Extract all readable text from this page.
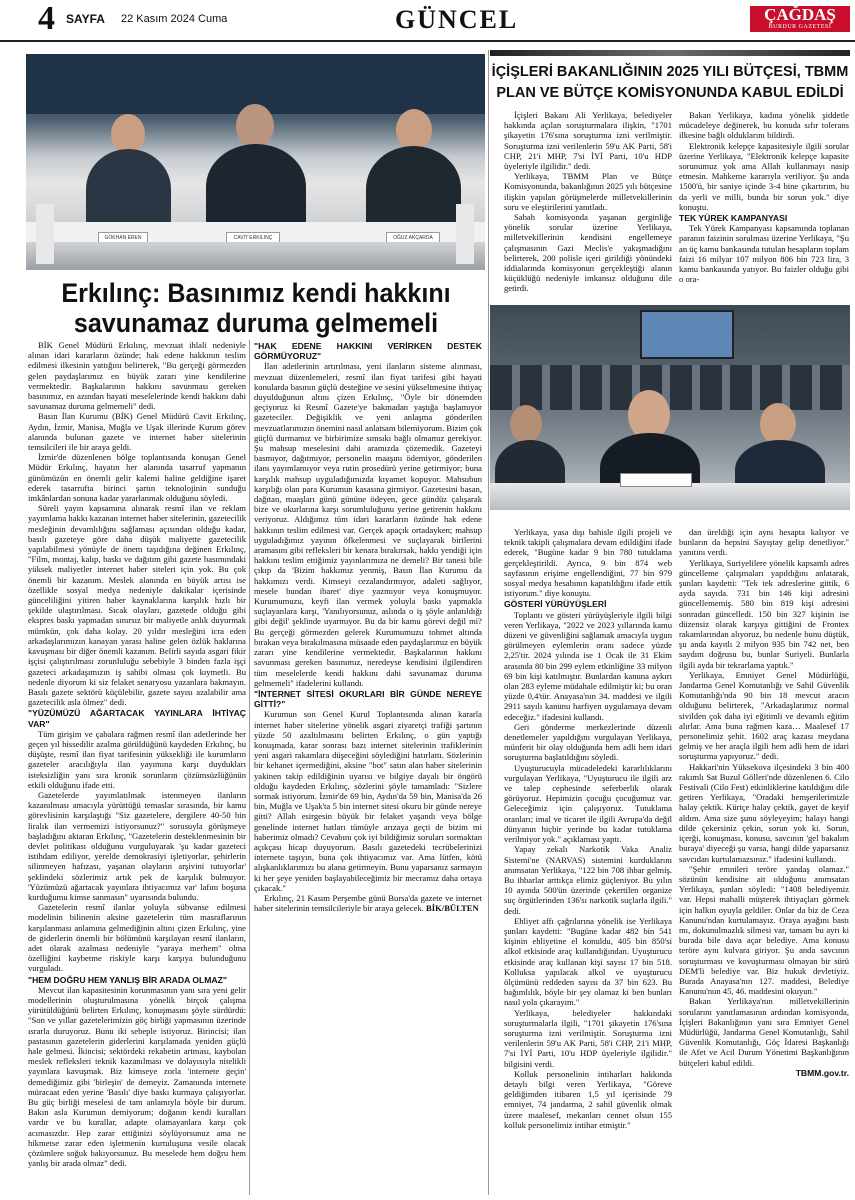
4 SAYFA 22 Kasım 2024 Cuma	GÜNCEL	ÇAĞDAŞ
BURDUR GAZETESİ
GÖKHAN EREN	CAVİT ERKILINÇ	OĞUZ AKÇARDA
Erkılınç: Basınımız kendi hakkını savunamaz duruma gelmemeli

BİK Genel Müdürü Erkılınç, mevzuat ihlali nedeniyle alınan idari kararların özünde; hak edene hakkının teslim edilmesi ilkesinin yattığını belirterek, "Bu gerçeği görmezden gelen paydaşlarımız en büyük zararı yine kendilerine vermektedir. Başkalarının hakkını savunması gereken basınımız, en azından hayati meselelerinde kendi hakkını dahi savunamaz duruma gelmemeli" dedi.

Basın İlan Kurumu (BİK) Genel Müdürü Cavit Erkılınç, Aydın, İzmir, Manisa, Muğla ve Uşak illerinde Kurum görev alanında bulunan gazete ve internet haber sitelerinin temsilcileri ile bir araya geldi.

İzmir'de düzenlenen bölge toplantısında konuşan Genel Müdür Erkılınç, hayatın her alanında tasarruf yapmanın günümüzün en önemli gelir kalemi haline geldiğine işaret ederek tasarrufta birinci şartın teknolojinin sunduğu imkânlardan sonuna kadar yararlanmak olduğunu söyledi.

Süreli yayın kapsamına alınarak resmî ilan ve reklam yayımlama hakkı kazanan internet haber sitelerinin, gazetecilik mesleğinin devamlılığını sağlaması açısından olduğu kadar, basılı gazeteye göre daha düşük maliyette gazetecilik yapılabilmesi yönüyle de önem taşıdığına değinen Erkılınç, "Film, montaj, kalıp, baskı ve dağıtım gibi gazete basımındaki yüksek maliyetler internet haber siteleri için yok. Bu çok önemli bir kazanım. Meslek alanında en büyük artısı ise özellikle sosyal medya nedeniyle dakikalar içerisinde günceliliğini yitiren haber kaynaklarına karşılık hızlı bir şekilde ulaştırılması. Sıcak olayları, gazetede olduğu gibi ekspres baskı yapmadan sınırsız bir maliyetle anlık duyurmak mümkün, çok daha kolay. 20 yıldır mesleğini icra eden arkadaşlarımızın kanayan yarası haline gelen özlük haklarına kavuşması bir diğer önemli kazanım. Belirli sayıda asgari fikir işçisi çalıştırılması zorunluluğu sebebiyle 3 binden fazla işçi gazeteci arkadaşımızın iş sahibi olması çok kıymetli. Bu nedenle diyorum ki siz felaket senaryosu yazanlara bakmayın. Basılı gazete sektörü küçülebilir, gazete sayısı azalabilir ama gazetecilik asla ölmez" dedi.

"YÜZÜMÜZÜ AĞARTACAK YAYINLARA İHTİYAÇ VAR"

Tüm girişim ve çabalara rağmen resmî ilan adetlerinde her geçen yıl hissedilir azalma görüldüğünü kaydeden Erkılınç, bu düşüşte, resmî ilan fiyat tarifesinin yüksekliği ile kurumların gazeteler aracılığıyla ilan yayımına karşı duydukları isteksizliğin yanı sıra kronik sorunların çözümsüzlüğünün etkili olduğunu ifade etti.

Gazetelerde yayımlatılmak istenmeyen ilanların kazanılması amacıyla yürüttüğü temaslar sırasında, bir kamu görevlisinin karşılaştığı "Siz gazetelere, dergilere 40-50 bin liralık ilan vermemizi istiyorsunuz?" sorusuyla görüşmeye başladığını aktaran Erkılınç, "Gazetelerin desteklenmesinin bir devlet politikası olduğunu vurguluyarak 'şu kadar gazeteci istihdam ediliyor, yerelde demokrasiyi işletiyorlar, şehirlerin silinmeyen hafızası, yaşanan olayların arşivini tutuyorlar' şeklindeki sözlerimiz artık pek de karşılık bulmuyor. 'Yüzümüzü ağartacak yayınlara ihtiyacımız var' lafını boşuna kurduğumu kimse sanmasın" uyarısında bulundu.

Gazetelerin resmî ilanlar yoluyla sübvanse edilmesi modelinin bilinenin aksine gazetelerin tüm masraflarının karşılanması anlamına gelmediğinin altını çizen Erkılınç, yine de giderlerin önemli bir bölümünü karşılayan resmî ilanların, adet olarak azalması nedeniyle "yaraya merhem" olma özelliğini kaybetme riskiyle karşı karşıya bulunduğunu vurguladı.

"HEM DOĞRU HEM YANLIŞ BİR ARADA OLMAZ"

Mevcut ilan kapasitesinin korunmasının yanı sıra yeni gelir modellerinin oluşturulmasına yönelik birçok çalışma yürütüldüğünü belirten Erkılınç, konuşmasını şöyle sürdürdü: "Son ve yıllar gazetelerimizin göç birliği yapmasının üzerinde ısrarla duruyoruz. Bunu iki sebeple istiyoruz. Birincisi; ilan pastasının gazetelerin giderlerini karşılamada yeniden güçlü hale gelmesi. İkincisi; sektördeki rekabetin artması, kaybolan meslek refleksleri teknik kazanılması ve dolayısıyla nitelikli yayınlara kavuşmak. Biz kimseye zorla 'internete geçin' demediğimiz gibi 'birleşin' de demeyiz. Zamanında internete müracaat eden yerine 'Basılı' diye baskı kurmaya çalışıyorlar. Bu güç birliği meselesi de tam anlamıyla böyle bir durum. Bakın asla Kurumun demiyorum; doğanın kendi kuralları vardır ve bu kurallar, adapte olamayanlara karşı çok acımasızdır. Hep zarar ettiğinizi söylüyorsunuz ama ne hikmetse zarar eden işletmenin kurtuluşuna vesile olacak çözümlere soğuk bakıyorsunuz. Bu meselede hem doğru hem yanlış bir arada olmaz" dedi.

"HAK EDENE HAKKINI VERİRKEN DESTEK GÖRMÜYORUZ"

İlan adetlerinin artırılması, yeni ilanların sisteme alınması, mevzuat düzenlemeleri, resmî ilan fiyat tarifesi gibi hayati konularda basının güçlü desteğine ve sesini yükseltmesine ihtiyaç duyulduğunun altını çizen Erkılınç, "Öyle bir dönemden geçiyoruz ki Resmî Gazete'ye bakmadan yaştığa başlamıyor gazeteciler. Değişiklik ve yeni anlaşma gönderilen mevzuatlarımızın önemini nasıl anlatsam bilemiyorum. Bizim çok güçlü durmamız ve birbirimize sımsıkı bağlı olmamız gerekiyor. Şu mahsup meselesini dahi aramızda çözemedik. Gazeteyi basmıyor, dağıtmıyor, personelin maaşını ödemiyor, gönderilen ilanı yayımlamıyor veya rutin prosedürü yerine getirmiyor; buna karşılık mahsup uyguladığımızda kıyamet kopuyor. Mahsubun karşılığı olan para Kurumun kasasına girmiyor. Gazetesini basan, dağıtan, maaşları günü gününe ödeyen, gece gündüz çalışarak bize ve okurlarına karşı sorumluluğunu yerine getirenin hakkını veriyoruz. Aldığımız tüm idari kararların özünde hak edene hakkının teslim edilmesi var. Gerçek apaçık ortadayken; mahsup uyguladığımız yayının öfkelenmesi ve suçlayarak birilerini aramasını gibi refleksleri bir kenara bırakırsak, hakkı yendiği için hakkını teslim ettiğimiz yayınlarımıza ne demeli? Bir tanesi bile çıkıp da 'Bizim hakkımız yenmiş, Basın İlan Kurumu da hakkımızı verdi. Kimseyi cezalandırmıyor, adaleti sağlıyor, mesele bundan ibaret' diye yazmıyor veya konuşmuyor. Kurumumuzu, keyfi ilan vermek yoluyla baskı yapmakla suçlayanlara karşı, 'Yanılıyorsunuz, aslında o iş şöyle anlatıldığı gibi değil' şeklinde uyarmıyor. Bu da bir kamu görevi değil mi? Bu gerçeği görmezden gelerek Kurumumuzu tohmet altında bırakan veya bırakılmasına müsaade eden paydaşlarımız en büyük zararı yine kendilerine vermektedir. Başkalarının hakkını savunması gereken basınımız, neredeyse kendisini ilgilendiren tüm meselelerde kendi hakkını dahi savunamaz duruma gelmemeli" ifadelerini kullandı.

"İNTERNET SİTESİ OKURLARI BİR GÜNDE NEREYE GİTTİ?"

Kurumun son Genel Kurul Toplantısında alınan kararla internet haber sitelerine yönelik asgari ziyaretçi trafiği şartının yüzde 50 azaltılmasını belirten Erkılınç, o gün yaptığı konuşmada, karar sonrası bazı internet sitelerinin trafiklerinin yeni asgari rakamlara düşeceğini söylediğini hatırlattı. Sözlerinin bir kehanet içermediğini, aksine "bot" satın alan haber sitelerinin yakinen takip edildiğinin uyarısı ve bilgiye dayalı bir öngörü olduğu kaydeden Erkılınç, sözlerini şöyle tamamladı: "Sizlere sormak istiyorum. İzmir'de 69 bin, Aydın'da 59 bin, Manisa'da 26 bin, Muğla ve Uşak'ta 5 bin internet sitesi okuru bir günde nereye gitti? Allah esirgesin büyük bir felaket yaşandı veya bölge genelinde internet hatları tümüyle arızaya geçti de bizim mi haberimiz olmadı? Cevabını çok iyi bildiğimiz soruları sormaktan açıkçası hicap duyuyorum. Basılı gazetedeki tecrübelerinizi internete taşıyın, buna çok ihtiyacımız var. Ama lütfen, kötü alışkanlıklarımızı bu alana getirmeyin. Bunu yaparsanız sarmayın ki her şeye yeniden başlayabileceğimiz bir mecramız daha ortaya çıkacak."

Erkılınç, 21 Kasım Perşembe günü Bursa'da gazete ve internet haber sitelerinin temsilcileriyle bir araya gelecek. BİK/BÜLTEN

İÇİŞLERİ BAKANLIĞININ 2025 YILI BÜTÇESİ, TBMM PLAN VE BÜTÇE KOMİSYONUNDA KABUL EDİLDİ

İçişleri Bakanı Ali Yerlikaya, belediyeler hakkında açılan soruşturmalara ilişkin, "1701 şikayetin 176'sına soruşturma izni verilmiştir. Soruşturma izni verilenlerin 59'u AK Parti, 58'i CHP, 21'i MHP, 7'si İYİ Parti, 10'u HDP üyeleriyle ilgilidir." dedi.

Yerlikaya, TBMM Plan ve Bütçe Komisyonunda, bakanlığının 2025 yılı bütçesine ilişkin yapılan görüşmelerde milletvekillerinin soru ve eleştirilerini yanıtladı.

Sabah komisyonda yaşanan gerginliğe yönelik sorular üzerine Yerlikaya, milletvekillerinin kendisini engellemeye çalışmasının Gazi Meclis'e yakışmadığını belirterek, 200 polisle içeri girildiği yönündeki iddialarında komisyonun gerçekleştiği alanın küçüklüğü nedeniyle imkansız olduğunu dile getirdi.

Bakan Yerlikaya, kadına yönelik şiddetle mücadeleye değinerek, bu konuda sıfır tolerans ilkesine bağlı olduklarını bildirdi.

Elektronik kelepçe kapasitesiyle ilgili sorular üzerine Yerlikaya, "Elektronik kelepçe kapasite sorunumuz yok ama Allah kullanmayı nasip etmesin. Mahkeme kararıyla veriliyor. Şu anda 1500'ü, bir saniye içinde 3-4 bine çıkartırım, bu da yerli ve milli, bunda bir sorun yok." diye konuştu.

TEK YÜREK KAMPANYASI

Tek Yürek Kampanyası kapsamında toplanan paranın faizinin sorulması üzerine Yerlikaya, "Şu an üç kamu bankasında tutulan hesapların toplam faizi 16 milyar 107 milyon 806 bin 723 lira, 3 kamu bankasında yatıyor. Bu faizler olduğu gibi o ora-

Yerlikaya, yasa dışı bahisle ilgili projeli ve teknik takipli çalışmalara devam edildiğini ifade ederek, "Bugüne kadar 9 bin 780 tutuklama gerçekleştirildi. Ayrıca, 9 bin 874 web sayfasının erişime engellendiğini, 77 bin 979 sosyal medya hesabının kapatıldığını ifade ettik istiyorum." diye konuştu.

GÖSTERİ YÜRÜYÜŞLERİ

Toplantı ve gösteri yürüyüşleriyle ilgili bilgi veren Yerlikaya, "2022 ve 2023 yıllarında kamu düzeni ve güvenliğini sağlamak amacıyla uygun görülmeyen eylemlerin oranı sadece yüzde 2,25'tir. 2024 yılında ise 1 Ocak ile 31 Ekim arasında 80 bin 299 eylem etkinliğine 33 milyon 69 bin kişi katılmıştır. Bunlardan kanuna aykırı olan 283 eyleme müdahale edilmiştir ki; bu oran yüzde 0,4'tür. Anayasa'nın 34. maddesi ve ilgili 2911 sayılı kanunu harfiyen uygulamaya devam edeceğiz." ifadesini kullandı.

Geri gönderme merkezlerinde düzenli denetlemeler yapıldığını vurgulayan Yerlikaya, münferit bir olay olduğunda hem adli hem idari soruşturma başlatıldığını söyledi.

Uyuşturucuyla mücadeledeki kararlılıklarını vurgulayan Yerlikaya, "Uyuşturucu ile ilgili arz ve talep cephesinde seferberlik olarak görüyoruz. Hepimizin çocuğu çocuğumuz var. Geleceğimiz için çalışıyoruz. Tutuklama oranları; imal ve ticaret ile ilgili Avrupa'da değil dünyanın hiçbir yerinde bu kadar tutuklama verilmiyor yok." açıklaması yaptı.

Yapay zekalı Narkotik Vaka Analiz Sistemi'ne (NARVAS) sistemini kurduklarını anımsatan Yerlikaya, "122 bin 708 ihbar gelmiş. Bu ihbarlar arttıkça elimiz güçleniyor. Bu yılın 10 ayında 500'ün üzerinde çekertilen organize suç örgütlerinden 136'sı narkotik suçlarla ilgili." dedi.

Ehliyet affı çağrılarına yönelik ise Yerlikaya şunları kaydetti: "Bugüne kadar 482 bin 541 kişinin ehliyetine el konuldu, 405 bin 850'si alkol etkisinde araç kullandığından. Uyuşturucu etkisinde araç kullanan kişi sayısı 17 bin 518. Kolluksa yapılacak alkol ve uyuşturucu ölçümünü reddeden sayısı da 37 bin 623. Bu bağımlılık, böyle bir şey olamaz ki ben bunları nasıl yola çıkarayım."

Yerlikaya, belediyeler hakkındaki soruşturmalarla ilgili, "1701 şikayetin 176'sına soruşturma izni verilmiştir. Soruşturma izni verilenlerin 59'u AK Parti, 58'i CHP, 21'i MHP, 7'si İYİ Parti, 10'u HDP üyeleriyle ilgilidir." bilgisini verdi.

Kolluk personelinin intiharları hakkında detaylı bilgi veren Yerlikaya, "Göreve geldiğimden itibaren 1,5 yıl içerisinde 79 emniyet, 74 jandarma, 2 sahil güvenlik olmak üzere maalesef, mekanları cennet olsun 155 kolluk personelimiz intihar etmiştir."

dan üreldiği için aynı hesapta kalıyor ve bunların da hepsini Sayıştay gelip denetliyor." yanıtını verdi.

Yerlikaya, Suriyelilere yönelik kapsamlı adres güncelleme çalışmaları yapıldığını anlatarak, şunları kaydetti: "Tek tek adreslerine gittik, 6 ayda sayıda. 731 bin 146 kişi adresini güncellememiş. 580 bin 819 kişi adresini sonradan güncelledi. 150 bin 327 kişinin ise düzensiz olarak karşıya gittiğini de Frontex rakamlarından alıyoruz, bu nedenle bunu düştük, şu anda kayıtlı 2 milyon 935 bin 742 net, ben saydım doğrusu bu, bunlar Suriyeli. Bunlarla ilgili ayda bir tekrarlama yaptık."

Yerlikaya, Emniyet Genel Müdürlüğü, Jandarma Genel Komutanlığı ve Sahil Güvenlik Komutanlığı'nda 90 bin 18 mevcut aracın olduğunu belirterek, "Arkadaşlarımız normal sivilden çok daha iyi eğitimli ve devamlı eğitim alırlar. Ama buna rağmen kaza… Maalesef 17 personelimiz şehit. 1602 araç kazası meydana gelmiş ve her araçla ilgili hem adli hem de idari soruşturma yapıyoruz." dedi.

Hakkari'nin Yüksekova ilçesindeki 3 bin 400 rakımlı Sat Buzul Gölleri'nde düzenlenen 6. Cilo Festivali (Cilo Fest) etkinliklerine katıldığını dile getiren Yerlikaya, "Oradaki hemşerilerimizle halay çektik. Kürtçe halay çektik, gayet de keyif aldım. Ama size şunu söyleyeyim; halayı hangi dilde çekersiniz çekin, sorun yok ki. Sorun, içerği, konuşması, konusu, savcının 'gel bakalım buraya' diyeceği şu varsa, hangi dilde yaparsanız savcıdan kurtulamazsınız." ifadesini kullandı.

"Şehir emnileri teröre yandaş olamaz." sözünün kendisine ait olduğunu anımsatan Yerlikaya, şunları söyledi: "1408 belediyemiz var. Hepsi mahalli müşterek ihtiyaçları görmek için halkın oyuyla geldiler. Onlar da biz de Ceza Kanunu'ndan kurtulamayız. Oraya ayağını bastı mı, dokunulmazlık silmesi var, tamam bu ayrı ki burada bile dava açar belediye. Ama konusu teröre aynı kulvara giriyor. Şu anda savcının soruşturması ve kovuşturması olmayan bir sürü DEM'li belediye var. Biz hukuk devletiyiz. Burada Anayasa'nın 127. maddesi, Belediye Kanunu'nun 45, 46. maddesini okuyun."

Bakan Yerlikaya'nın milletvekillerinin sorularını yanıtlamasının ardından komisyonda, İçişleri Bakanlığının yanı sıra Emniyet Genel Müdürlüğü, Jandarma Genel Komutanlığı, Sahil Güvenlik Komutanlığı, Göç İdaresi Başkanlığı ile Afet ve Acil Durum Yönetimi Başkanlığının bütçeleri kabul edildi.

TBMM.gov.tr.
